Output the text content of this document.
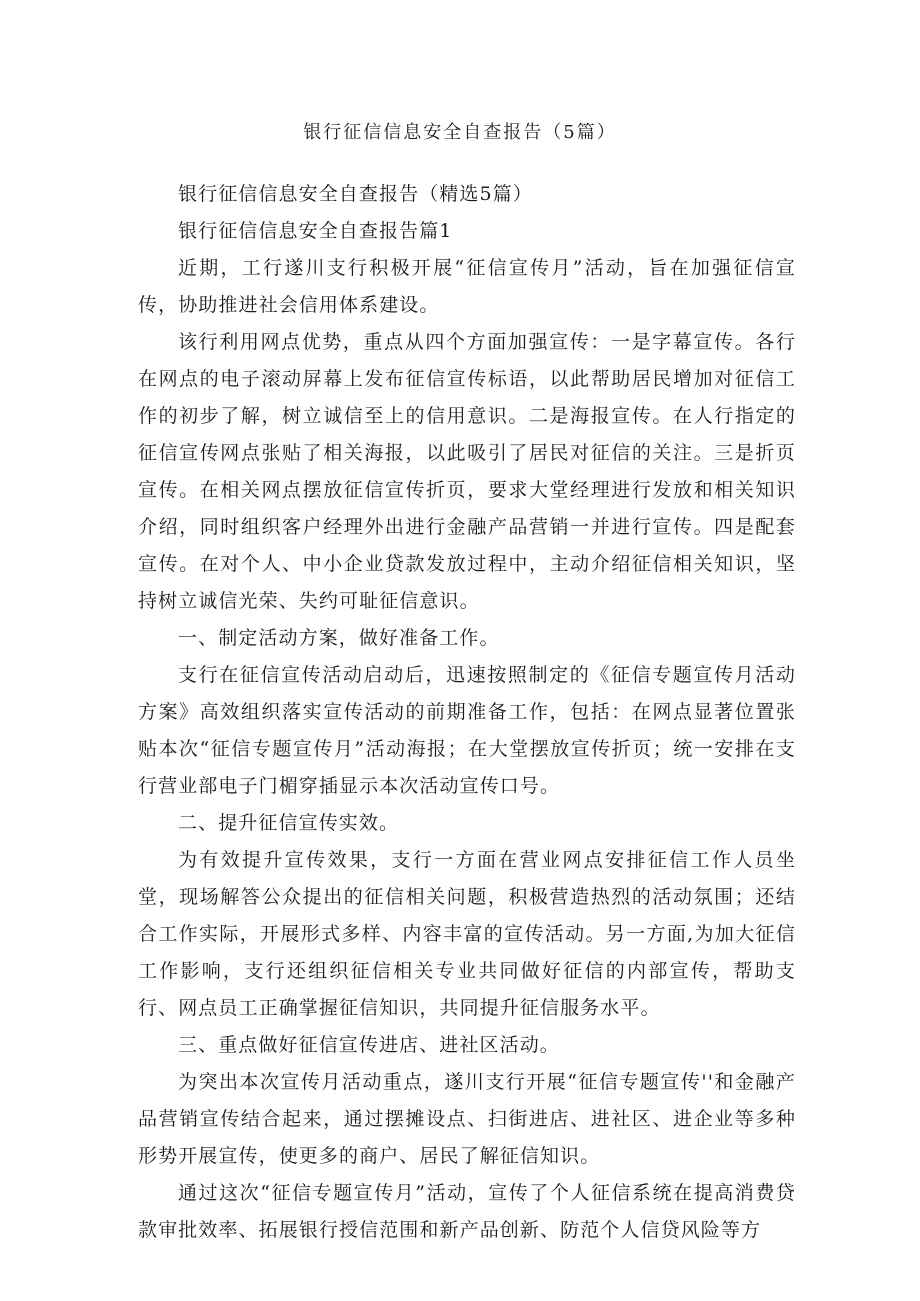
银行征信信息安全自查报告（5篇）

银行征信信息安全自查报告（精选5篇）

银行征信信息安全自查报告篇1

近期，工行遂川支行积极开展“征信宣传月”活动，旨在加强征信宣传，协助推进社会信用体系建设。

该行利用网点优势，重点从四个方面加强宣传：一是字幕宣传。各行在网点的电子滚动屏幕上发布征信宣传标语，以此帮助居民增加对征信工作的初步了解，树立诚信至上的信用意识。二是海报宣传。在人行指定的征信宣传网点张贴了相关海报，以此吸引了居民对征信的关注。三是折页宣传。在相关网点摆放征信宣传折页，要求大堂经理进行发放和相关知识介绍，同时组织客户经理外出进行金融产品营销一并进行宣传。四是配套宣传。在对个人、中小企业贷款发放过程中，主动介绍征信相关知识，坚持树立诚信光荣、失约可耻征信意识。

一、制定活动方案，做好准备工作。

支行在征信宣传活动启动后，迅速按照制定的《征信专题宣传月活动方案》高效组织落实宣传活动的前期准备工作，包括：在网点显著位置张贴本次“征信专题宣传月”活动海报；在大堂摆放宣传折页；统一安排在支行营业部电子门楣穿插显示本次活动宣传口号。

二、提升征信宣传实效。

为有效提升宣传效果，支行一方面在营业网点安排征信工作人员坐堂，现场解答公众提出的征信相关问题，积极营造热烈的活动氛围；还结合工作实际，开展形式多样、内容丰富的宣传活动。另一方面,为加大征信工作影响，支行还组织征信相关专业共同做好征信的内部宣传，帮助支行、网点员工正确掌握征信知识，共同提升征信服务水平。

三、重点做好征信宣传进店、进社区活动。

为突出本次宣传月活动重点，遂川支行开展“征信专题宣传''和金融产品营销宣传结合起来，通过摆摊设点、扫街进店、进社区、进企业等多种形势开展宣传，使更多的商户、居民了解征信知识。

通过这次“征信专题宣传月”活动，宣传了个人征信系统在提高消费贷款审批效率、拓展银行授信范围和新产品创新、防范个人信贷风险等方
